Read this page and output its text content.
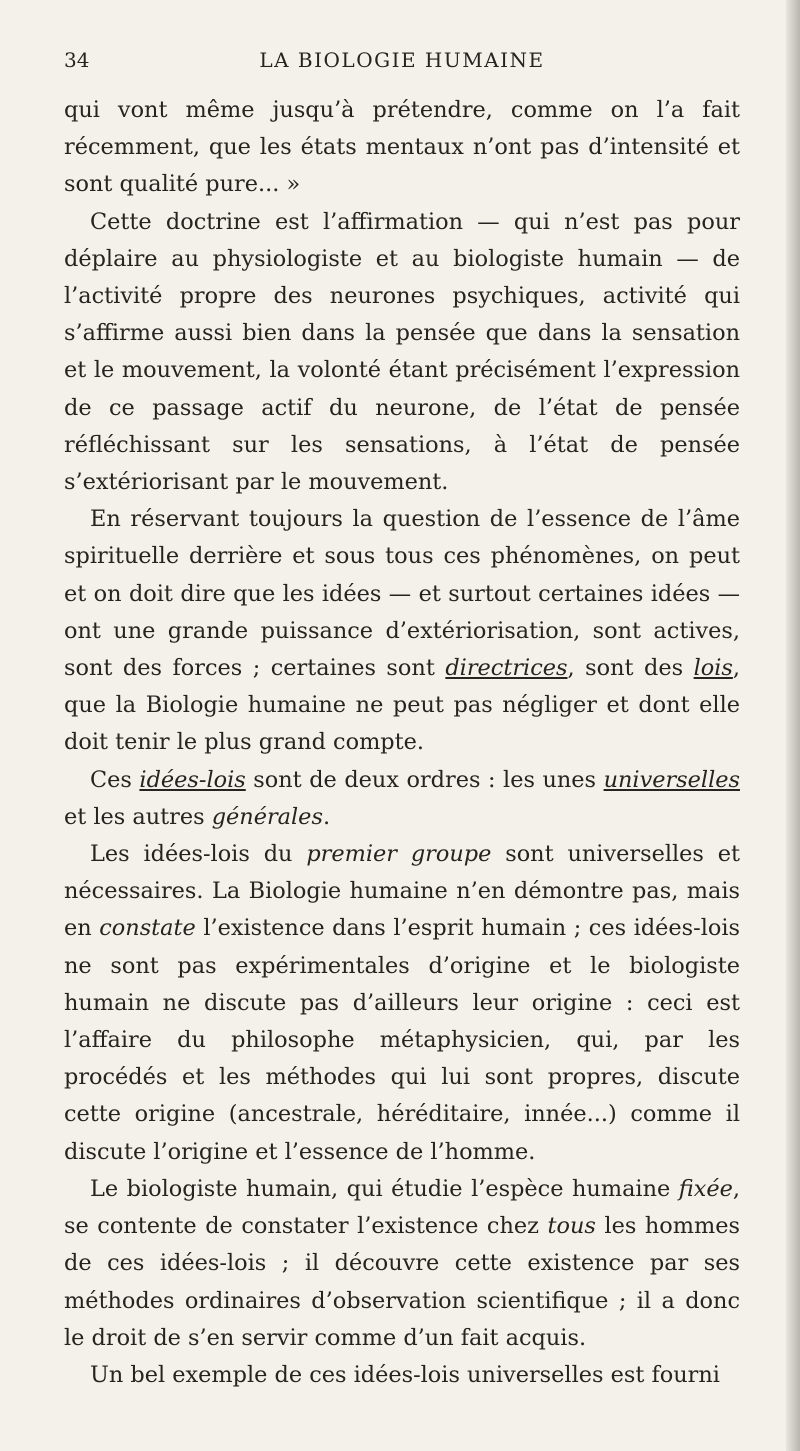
34	LA BIOLOGIE HUMAINE

qui vont même jusqu’à prétendre, comme on l’a fait récemment, que les états mentaux n’ont pas d’intensité et sont qualité pure... »

Cette doctrine est l’affirmation — qui n’est pas pour déplaire au physiologiste et au biologiste humain — de l’activité propre des neurones psychiques, activité qui s’affirme aussi bien dans la pensée que dans la sensation et le mouvement, la volonté étant précisément l’expression de ce passage actif du neurone, de l’état de pensée réfléchissant sur les sensations, à l’état de pensée s’extériorisant par le mouvement.

En réservant toujours la question de l’essence de l’âme spirituelle derrière et sous tous ces phénomènes, on peut et on doit dire que les idées — et surtout certaines idées — ont une grande puissance d’extériorisation, sont actives, sont des forces ; certaines sont directrices, sont des lois, que la Biologie humaine ne peut pas négliger et dont elle doit tenir le plus grand compte.

Ces idées-lois sont de deux ordres : les unes universelles et les autres générales.

Les idées-lois du premier groupe sont universelles et nécessaires. La Biologie humaine n’en démontre pas, mais en constate l’existence dans l’esprit humain ; ces idées-lois ne sont pas expérimentales d’origine et le biologiste humain ne discute pas d’ailleurs leur origine : ceci est l’affaire du philosophe métaphysicien, qui, par les procédés et les méthodes qui lui sont propres, discute cette origine (ancestrale, héréditaire, innée...) comme il discute l’origine et l’essence de l’homme.

Le biologiste humain, qui étudie l’espèce humaine fixée, se contente de constater l’existence chez tous les hommes de ces idées-lois ; il découvre cette existence par ses méthodes ordinaires d’observation scientifique ; il a donc le droit de s’en servir comme d’un fait acquis.

Un bel exemple de ces idées-lois universelles est fourni
